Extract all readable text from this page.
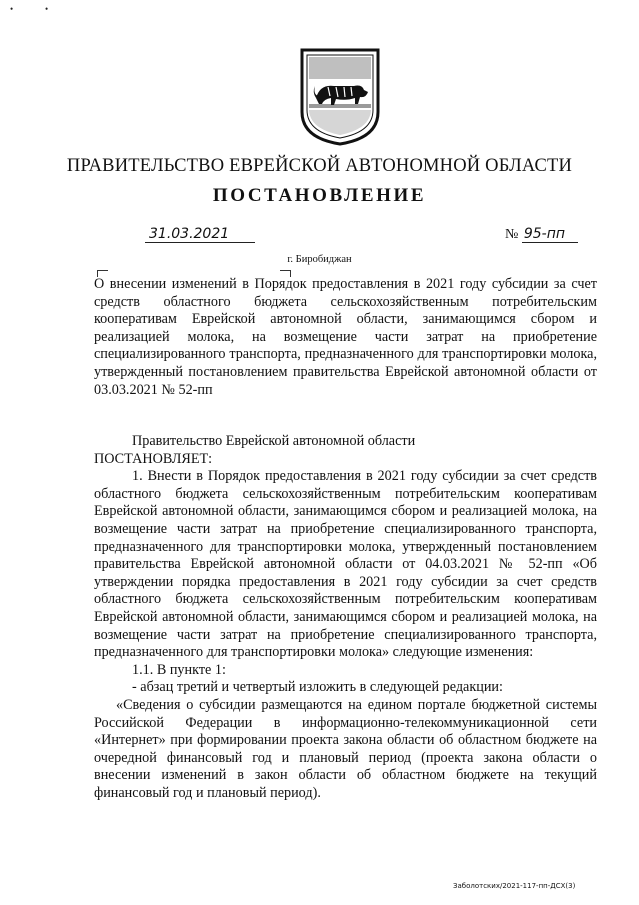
•	•
ПРАВИТЕЛЬСТВО ЕВРЕЙСКОЙ АВТОНОМНОЙ ОБЛАСТИ
ПОСТАНОВЛЕНИЕ
31.03.2021	№ 95-пп
г. Биробиджан
О внесении изменений в Порядок предоставления в 2021 году субсидии за счет средств областного бюджета сельскохозяйственным потребительским кооперативам Еврейской автономной области, занимающимся сбором и реализацией молока, на возмещение части затрат на приобретение специализированного транспорта, предназначенного для транспортировки молока, утвержденный постановлением правительства Еврейской автономной области от 03.03.2021 № 52-пп

Правительство Еврейской автономной области

ПОСТАНОВЛЯЕТ:

1. Внести в Порядок предоставления в 2021 году субсидии за счет средств областного бюджета сельскохозяйственным потребительским кооперативам Еврейской автономной области, занимающимся сбором и реализацией молока, на возмещение части затрат на приобретение специализированного транспорта, предназначенного для транспортировки молока, утвержденный постановлением правительства Еврейской автономной области от 04.03.2021 № 52-пп «Об утверждении порядка предоставления в 2021 году субсидии за счет средств областного бюджета сельскохозяйственным потребительским кооперативам Еврейской автономной области, занимающимся сбором и реализацией молока, на возмещение части затрат на приобретение специализированного транспорта, предназначенного для транспортировки молока» следующие изменения:

1.1. В пункте 1:

- абзац третий и четвертый изложить в следующей редакции:

«Сведения о субсидии размещаются на едином портале бюджетной системы Российской Федерации в информационно-телекоммуникационной сети «Интернет» при формировании проекта закона области об областном бюджете на очередной финансовый год и плановый период (проекта закона области о внесении изменений в закон области об областном бюджете на текущий финансовый год и плановый период).

Заболотских/2021-117-пп-ДСХ(3)
